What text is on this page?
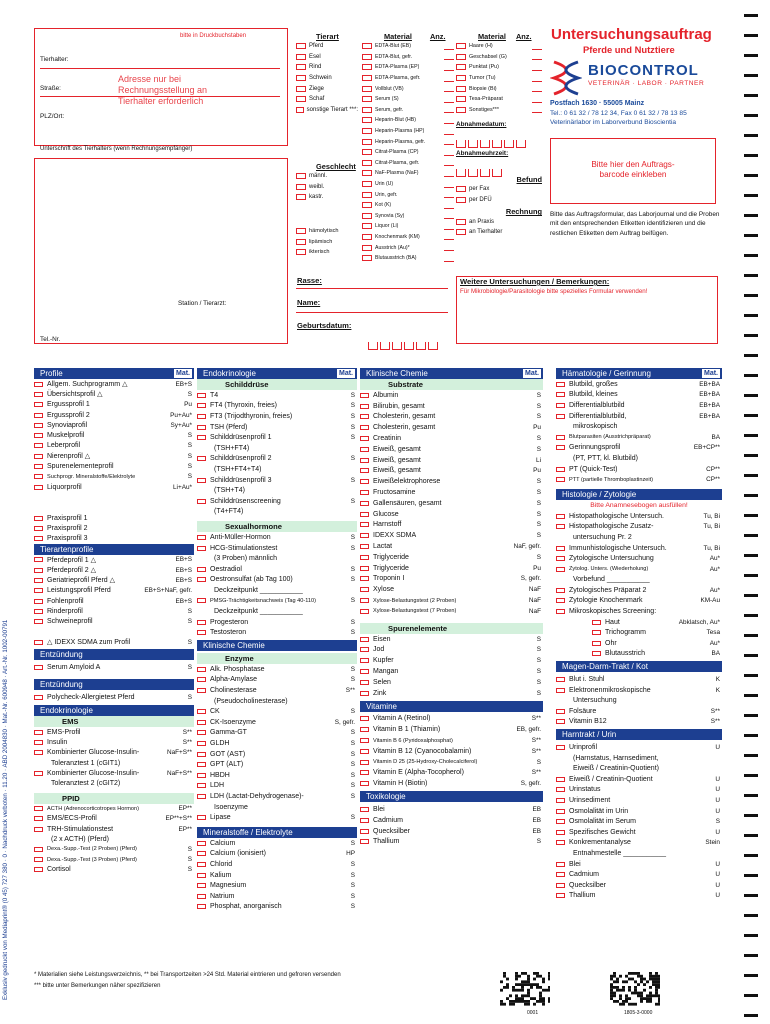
Exklusiv gedruckt von Mediaprint® (0 45) 727 380 · 0 · Nachdruck verboten · 11.20 · ABD 2004830 · Mat.-Nr. 600948 · Art.-Nr. 1002-00791
bitte in Druckbuchstaben
Tierhalter:
Straße:
PLZ/Ort:
Adresse nur bei Rechnungsstellung an Tierhalter erforderlich
Unterschrift des Tierhalters (wenn Rechnungsempfänger)
Station / Tierarzt:
Tel.-Nr.
Tierart
Pferd
Esel
Rind
Schwein
Ziege
Schaf
sonstige Tierart ***:
Geschlecht
männl.
weibl.
kastr.
hämolytisch
lipämisch
ikterisch
Material Anz.
EDTA-Blut (EB)
EDTA-Blut, gefr.
EDTA-Plasma (EP)
EDTA-Plasma, gefr.
Vollblut (VB)
Serum (S)
Serum, gefr.
Heparin-Blut (HB)
Heparin-Plasma (HP)
Heparin-Plasma, gefr.
Citrat-Plasma (CP)
Citrat-Plasma, gefr.
NaF-Plasma (NaF)
Urin (U)
Urin, gefr.
Kot (K)
Synovia (Sy)
Liquor (Li)
Knochenmark (KM)
Ausstrich (Au)*
Blutausstrich (BA)
Material Anz.
Haare (H)
Geschabsel (G)
Punktat (Pu)
Tumor (Tu)
Biopsie (Bi)
Tesa-Präparat
Sonstiges***
Abnahmedatum:
Abnahmeuhrzeit:
Befund
per Fax
per DFÜ
Rechnung
an Praxis
an Tierhalter
Untersuchungsauftrag
Pferde und Nutztiere
BIOCONTROL
VETERINÄR · LABOR · PARTNER
Postfach 1630 · 55005 Mainz
Tel.: 0 61 32 / 78 12 34, Fax 0 61 32 / 78 13 85
Veterinärlabor im Laborverbund Bioscientia
Bitte hier den Auftrags-barcode einkleben
Bitte das Auftragsformular, das Laborjournal und die Proben mit den entsprechenden Etiketten identifizieren und die restlichen Etiketten dem Auftrag beifügen.
Rasse:
Name:
Geburtsdatum:
Weitere Untersuchungen / Bemerkungen:
Für Mikrobiologie/Parasitologie bitte spezielles Formular verwenden!
Profile	Mat.
Allgem. Suchprogramm △	EB+S
Übersichtsprofil △	S
Ergussprofil 1	Pu
Ergussprofil 2	Pu+Au*
Synoviaprofil	Sy+Au*
Muskelprofil	S
Leberprofil	S
Nierenprofil △	S
Spurenelementeprofil	S
Suchprogr. Mineralstoffe/Elektrolyte	S
Liquorprofil	Li+Au*
Praxisprofil 1
Praxisprofil 2
Praxisprofil 3
Tierartenprofile
Pferdeprofil 1 △	EB+S
Pferdeprofil 2 △	EB+S
Geriatrieprofil Pferd △	EB+S
Leistungsprofil Pferd	EB+S+NaF, gefr.
Fohlenprofil	EB+S
Rinderprofil	S
Schweineprofil	S
△ IDEXX SDMA zum Profil	S
Entzündung
Serum Amyloid A	S
Entzündung
Polycheck-Allergietest Pferd	S
Endokrinologie
EMS
EMS-Profil	S**
Insulin	S**
Kombinierter Glucose-Insulin-	NaF+S**
Toleranztest 1 (cGIT1)
Kombinierter Glucose-Insulin-	NaF+S**
Toleranztest 2 (cGIT2)
PPID
ACTH (Adrenocorticotropes Hormon)	EP**
EMS/ECS-Profil	EP**+S**
TRH-Stimulationstest	EP**
(2 x ACTH) (Pferd)
Dexa.-Supp.-Test (2 Proben) (Pferd)	S
Dexa.-Supp.-Test (3 Proben) (Pferd)	S
Cortisol	S
Endokrinologie	Mat.
Schilddrüse
T4	S
FT4 (Thyroxin, freies)	S
FT3 (Trijodthyronin, freies)	S
TSH (Pferd)	S
Schilddrüsenprofil 1	S
(TSH+FT4)
Schilddrüsenprofil 2	S
(TSH+FT4+T4)
Schilddrüsenprofil 3	S
(TSH+T4)
Schilddrüsenscreening	S
(T4+FT4)
Sexualhormone
Anti-Müller-Hormon	S
HCG-Stimulationstest	S
(3 Proben) männlich
Oestradiol	S
Oestronsulfat (ab Tag 100)	S
Deckzeitpunkt ___________
PMSG-Trächtigkeitsnachweis (Tag 40-110)	S
Deckzeitpunkt ___________
Progesteron	S
Testosteron	S
Klinische Chemie
Enzyme
Alk. Phosphatase	S
Alpha-Amylase	S
Cholinesterase	S**
(Pseudocholinesterase)
CK	S
CK-Isoenzyme	S, gefr.
Gamma-GT	S
GLDH	S
GOT (AST)	S
GPT (ALT)	S
HBDH	S
LDH	S
LDH (Lactat-Dehydrogenase)-	S
Isoenzyme
Lipase	S
Mineralstoffe / Elektrolyte
Calcium	S
Calcium (ionisiert)	HP
Chlorid	S
Kalium	S
Magnesium	S
Natrium	S
Phosphat, anorganisch	S
Klinische Chemie	Mat.
Substrate
Albumin	S
Bilirubin, gesamt	S
Cholesterin, gesamt	S
Cholesterin, gesamt	Pu
Creatinin	S
Eiweiß, gesamt	S
Eiweiß, gesamt	Li
Eiweiß, gesamt	Pu
Eiweißelektrophorese	S
Fructosamine	S
Gallensäuren, gesamt	S
Glucose	S
Harnstoff	S
IDEXX SDMA	S
Lactat	NaF, gefr.
Triglyceride	S
Triglyceride	Pu
Troponin I	S, gefr.
Xylose	NaF
Xylose-Belastungstest (2 Proben)	NaF
Xylose-Belastungstest (7 Proben)	NaF
Spurenelemente
Eisen	S
Jod	S
Kupfer	S
Mangan	S
Selen	S
Zink	S
Vitamine
Vitamin A (Retinol)	S**
Vitamin B 1 (Thiamin)	EB, gefr.
Vitamin B 6 (Pyridoxalphosphat)	S**
Vitamin B 12 (Cyanocobalamin)	S**
Vitamin D 25 (25-Hydroxy-Cholecalciferol)	S
Vitamin E (Alpha-Tocopherol)	S**
Vitamin H (Biotin)	S, gefr.
Toxikologie
Blei	EB
Cadmium	EB
Quecksilber	EB
Thallium	S
Hämatologie / Gerinnung	Mat.
Blutbild, großes	EB+BA
Blutbild, kleines	EB+BA
Differentialblutbild	EB+BA
Differentialblutbild,	EB+BA
mikroskopisch
Blutparasiten (Ausstrichpräparat)	BA
Gerinnungsprofil	EB+CP**
(PT, PTT, kl. Blutbild)
PT (Quick-Test)	CP**
PTT (partielle Thromboplastinzeit)	CP**
Histologie / Zytologie
Bitte Anamnesebogen ausfüllen!
Histopathologische Untersuch.	Tu, Bi
Histopathologische Zusatz-	Tu, Bi
untersuchung Pr. 2
Immunhistologische Untersuch.	Tu, Bi
Zytologische Untersuchung	Au*
Zytolog. Unters. (Wiederholung)	Au*
Vorbefund ___________
Zytologisches Präparat 2	Au*
Zytologie Knochenmark	KM-Au
Mikroskopisches Screening:
Haut	Abklatsch, Au*
Trichogramm	Tesa
Ohr	Au*
Blutausstrich	BA
Magen-Darm-Trakt / Kot
Blut i. Stuhl	K
Elektronenmikroskopische	K
Untersuchung
Folsäure	S**
Vitamin B12	S**
Harntrakt / Urin
Urinprofil	U
(Harnstatus, Harnsediment,
Eiweiß / Creatinin-Quotient)
Eiweiß / Creatinin-Quotient	U
Urinstatus	U
Urinsediment	U
Osmolalität im Urin	U
Osmolalität im Serum	S
Spezifisches Gewicht	U
Konkrementanalyse	Stein
Entnahmestelle ___________
Blei	U
Cadmium	U
Quecksilber	U
Thallium	U
* Materialien siehe Leistungsverzeichnis, ** bei Transportzeiten >24 Std. Material eintrieren und gefroren versenden
*** bitte unter Bemerkungen näher spezifizieren
0001	1805-3-0000
